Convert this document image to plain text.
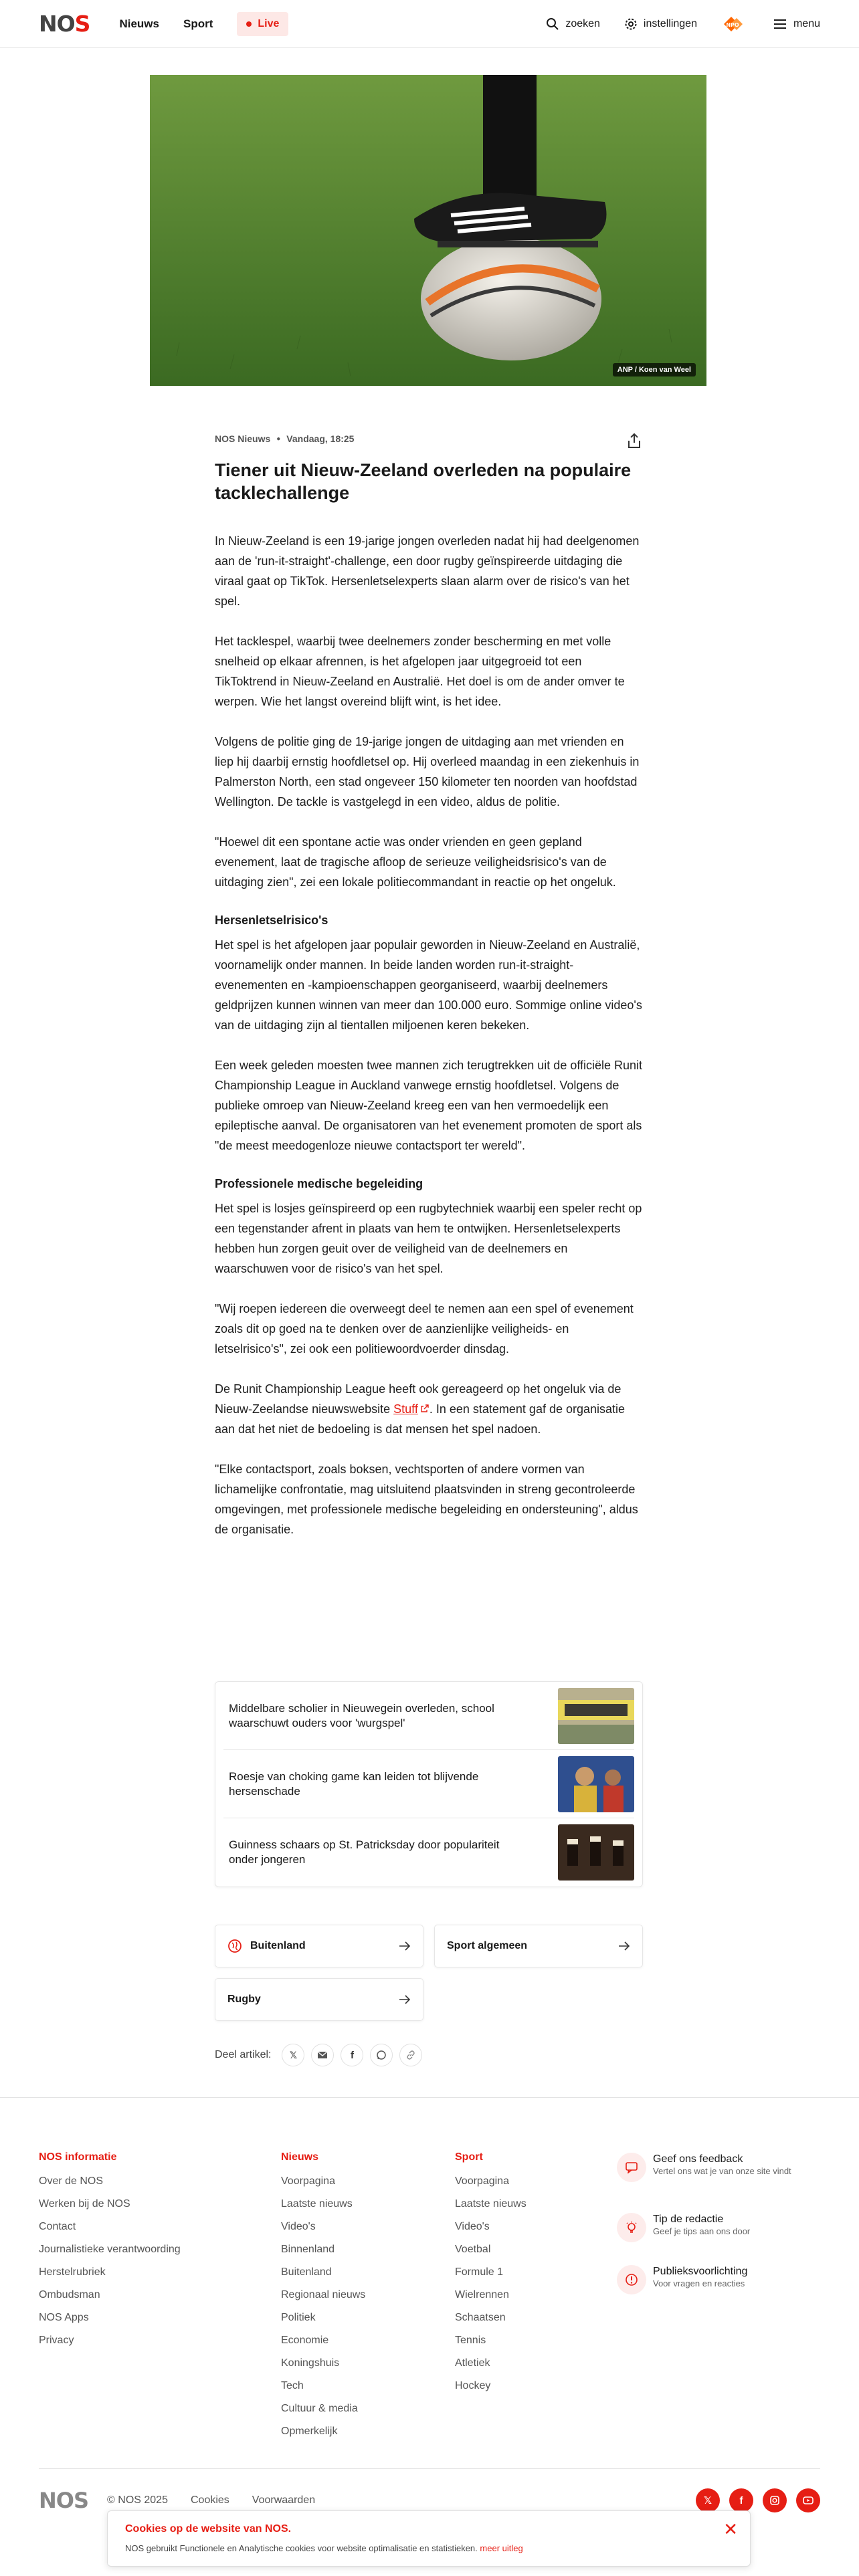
NOS	Nieuws Sport	Live	zoeken	instellingen	NPO	menu
ANP / Koen van Weel
NOS Nieuws ● Vandaag, 18:25
Tiener uit Nieuw-Zeeland overleden na populaire tacklechallenge

In Nieuw-Zeeland is een 19-jarige jongen overleden nadat hij had deelgenomen aan de 'run-it-straight'-challenge, een door rugby geïnspireerde uitdaging die viraal gaat op TikTok. Hersenletselexperts slaan alarm over de risico's van het spel.

Het tacklespel, waarbij twee deelnemers zonder bescherming en met volle snelheid op elkaar afrennen, is het afgelopen jaar uitgegroeid tot een TikToktrend in Nieuw-Zeeland en Australië. Het doel is om de ander omver te werpen. Wie het langst overeind blijft wint, is het idee.

Volgens de politie ging de 19-jarige jongen de uitdaging aan met vrienden en liep hij daarbij ernstig hoofdletsel op. Hij overleed maandag in een ziekenhuis in Palmerston North, een stad ongeveer 150 kilometer ten noorden van hoofdstad Wellington. De tackle is vastgelegd in een video, aldus de politie.

"Hoewel dit een spontane actie was onder vrienden en geen gepland evenement, laat de tragische afloop de serieuze veiligheidsrisico's van de uitdaging zien", zei een lokale politiecommandant in reactie op het ongeluk.

Hersenletselrisico's

Het spel is het afgelopen jaar populair geworden in Nieuw-Zeeland en Australië, voornamelijk onder mannen. In beide landen worden run-it-straight-evenementen en -kampioenschappen georganiseerd, waarbij deelnemers geldprijzen kunnen winnen van meer dan 100.000 euro. Sommige online video's van de uitdaging zijn al tientallen miljoenen keren bekeken.

Een week geleden moesten twee mannen zich terugtrekken uit de officiële Runit Championship League in Auckland vanwege ernstig hoofdletsel. Volgens de publieke omroep van Nieuw-Zeeland kreeg een van hen vermoedelijk een epileptische aanval. De organisatoren van het evenement promoten de sport als "de meest meedogenloze nieuwe contactsport ter wereld".

Professionele medische begeleiding

Het spel is losjes geïnspireerd op een rugbytechniek waarbij een speler recht op een tegenstander afrent in plaats van hem te ontwijken. Hersenletselexperts hebben hun zorgen geuit over de veiligheid van de deelnemers en waarschuwen voor de risico's van het spel.

"Wij roepen iedereen die overweegt deel te nemen aan een spel of evenement zoals dit op goed na te denken over de aanzienlijke veiligheids- en letselrisico's", zei ook een politiewoordvoerder dinsdag.

De Runit Championship League heeft ook gereageerd op het ongeluk via de Nieuw-Zeelandse nieuwswebsite Stuff . In een statement gaf de organisatie aan dat het niet de bedoeling is dat mensen het spel nadoen.

"Elke contactsport, zoals boksen, vechtsporten of andere vormen van lichamelijke confrontatie, mag uitsluitend plaatsvinden in streng gecontroleerde omgevingen, met professionele medische begeleiding en ondersteuning", aldus de organisatie.

Middelbare scholier in Nieuwegein overleden, school waarschuwt ouders voor 'wurgspel'
Roesje van choking game kan leiden tot blijvende hersenschade
Guinness schaars op St. Patricksday door populariteit onder jongeren
Buitenland	Sport algemeen
Rugby
Deel artikel: 𝕏	f
NOS informatie
Over de NOS
Werken bij de NOS
Contact
Journalistieke verantwoording
Herstelrubriek
Ombudsman
NOS Apps
Privacy
Nieuws
Voorpagina
Laatste nieuws
Video's
Binnenland
Buitenland
Regionaal nieuws
Politiek
Economie
Koningshuis
Tech
Cultuur & media
Opmerkelijk
Sport
Voorpagina
Laatste nieuws
Video's
Voetbal
Formule 1
Wielrennen
Schaatsen
Tennis
Atletiek
Hockey
Geef ons feedback
Vertel ons wat je van onze site vindt
Tip de redactie
Geef je tips aan ons door
Publieksvoorlichting
Voor vragen en reacties
NOS © NOS 2025 Cookies Voorwaarden	𝕏	f
Cookies op de website van NOS.
NOS gebruikt Functionele en Analytische cookies voor website optimalisatie en statistieken. meer uitleg
✕
